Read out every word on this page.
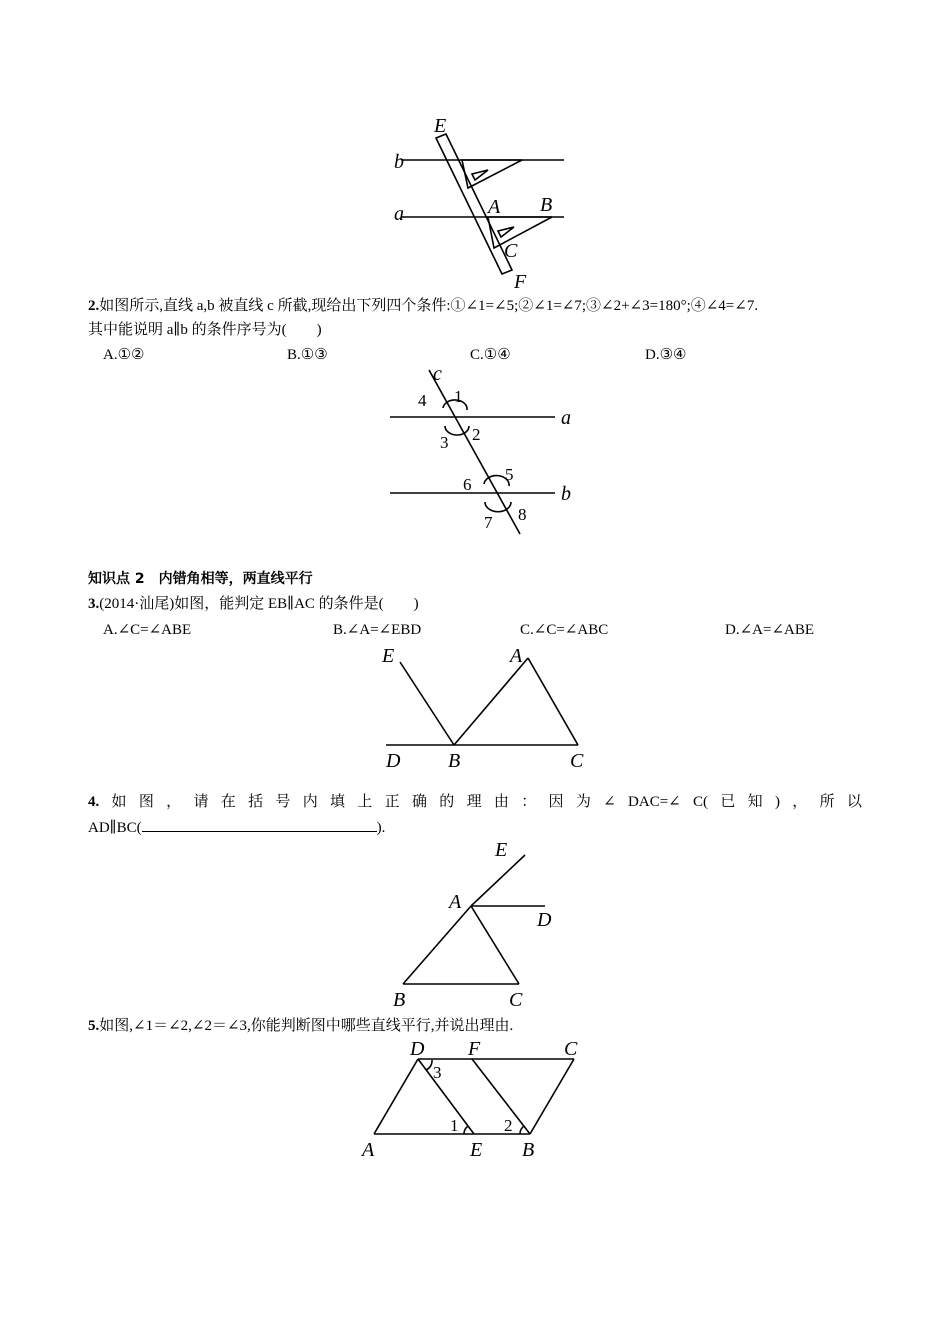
E
b
a	A B
C
F
2.如图所示,直线 a,b 被直线 c 所截,现给出下列四个条件:①∠1=∠5;②∠1=∠7;③∠2+∠3=180°;④∠4=∠7.
其中能说明 a∥b 的条件序号为(　　)
A.①②	B.①③	C.①④	D.③④
c
a
b
1
2
3
4
5
6
7 8
知识点 2　内错角相等，两直线平行
3.(2014·汕尾)如图，能判定 EB∥AC 的条件是(　　)
A.∠C=∠ABE	B.∠A=∠EBD	C.∠C=∠ABC	D.∠A=∠ABE
E	A
D B	C
4. 如 图 ， 请 在 括 号 内 填 上 正 确 的 理 由 ： 因 为 ∠ DAC=∠ C( 已 知 ) ， 所 以
AD∥BC(	).
E
A
D
B	C
5.如图,∠1＝∠2,∠2＝∠3,你能判断图中哪些直线平行,并说出理由.
D F	C
A	E B
3
1	2
